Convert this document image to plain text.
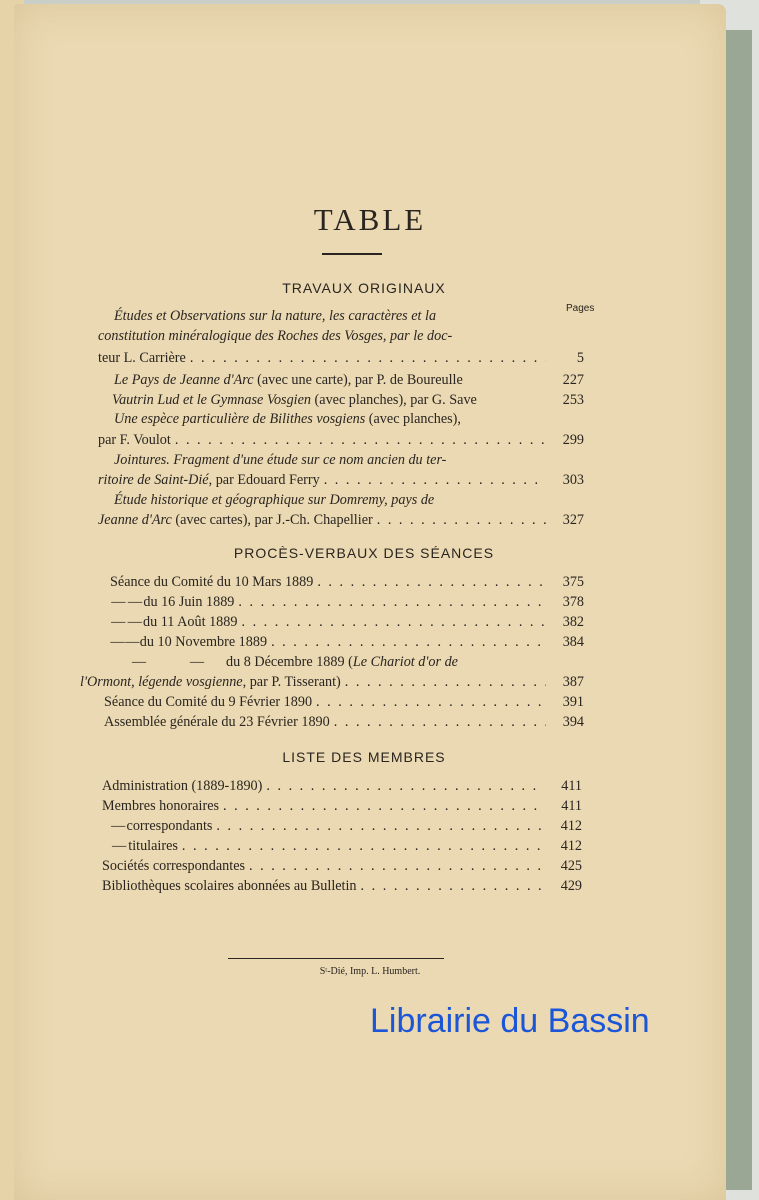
TABLE
TRAVAUX ORIGINAUX
Pages
Études et Observations sur la nature, les caractères et la
constitution minéralogique des Roches des Vosges, par le doc-
teur L. Carrière . . .	5
Le Pays de Jeanne d'Arc (avec une carte), par P. de Boureulle	227
Vautrin Lud et le Gymnase Vosgien (avec planches), par G. Save	253
Une espèce particulière de Bilithes vosgiens (avec planches),
par F. Voulot . . .	299
Jointures. Fragment d'une étude sur ce nom ancien du ter-
ritoire de Saint-Dié, par Edouard Ferry . . .	303
Étude historique et géographique sur Domremy, pays de
Jeanne d'Arc (avec cartes), par J.-Ch. Chapellier . . .	327
PROCÈS-VERBAUX DES SÉANCES
Séance du Comité du 10 Mars 1889 . . .	375
— — du 16 Juin 1889 . . .	378
— — du 11 Août 1889 . . .	382
— — du 10 Novembre 1889 . . .	384
—	— du 8 Décembre 1889 (Le Chariot d'or de
l'Ormont, légende vosgienne, par P. Tisserant) . . .	387
Séance du Comité du 9 Février 1890 . . .	391
Assemblée générale du 23 Février 1890 . . .	394
LISTE DES MEMBRES
Administration (1889-1890) . . .	411
Membres honoraires . . .	411
— correspondants . . .	412
— titulaires . . .	412
Sociétés correspondantes . . .	425
Bibliothèques scolaires abonnées au Bulletin . . .	429
Sᵗ-Dié, Imp. L. Humbert.
Librairie du Bassin
